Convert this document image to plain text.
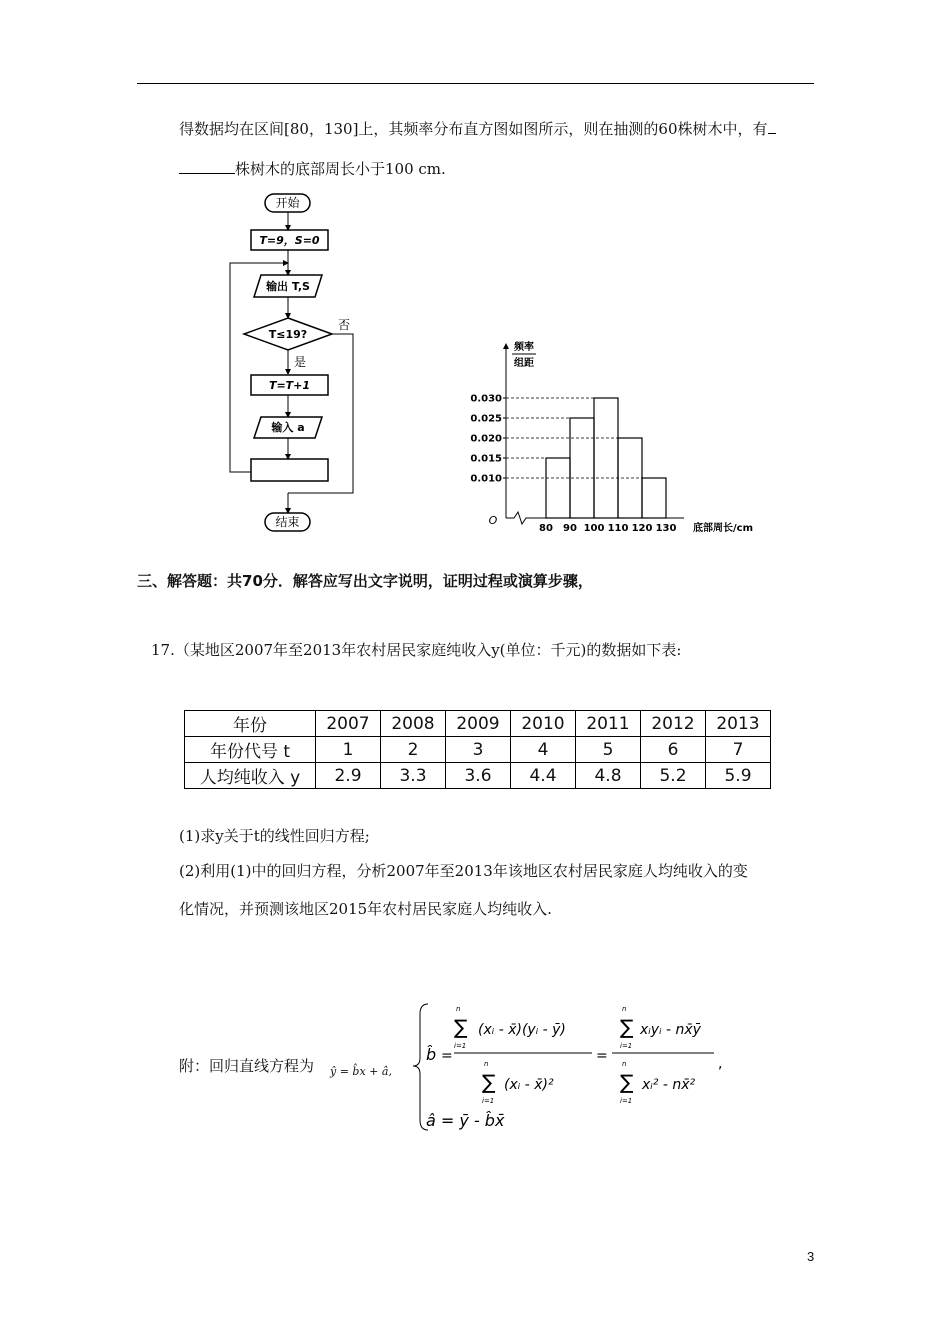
得数据均在区间[80，130]上，其频率分布直方图如图所示，则在抽测的60株树木中，有
株树木的底部周长小于100 cm.
开始
T=9，S=0
输出 T,S
T≤19?
否
是
T=T+1
输入 a
结束
频率
组距
O
底部周长/cm
0.030
0.025
0.020
0.015
0.010
80 90 100 110 120 130
三、解答题：共70分．解答应写出文字说明，证明过程或演算步骤，
17.（某地区2007年至2013年农村居民家庭纯收入y(单位：千元)的数据如下表:
年份	2007	2008	2009	2010	2011	2012	2013
年份代号 t	1	2	3	4	5	6	7
人均纯收入 y	2.9	3.3	3.6	4.4	4.8	5.2	5.9
(1)求y关于t的线性回归方程;
(2)利用(1)中的回归方程，分析2007年至2013年该地区农村居民家庭人均纯收入的变
化情况，并预测该地区2015年农村居民家庭人均纯收入.
附：回归直线方程为 ŷ = b̂x + â,
b̂ =
n
∑
i=1
(xᵢ - x̄)(yᵢ - ȳ)
n
∑
i=1
(xᵢ - x̄)²
=
n
∑
i=1
xᵢyᵢ - nx̄ȳ
n
∑
i=1
xᵢ² - nx̄²
,
â = ȳ - b̂x̄
3
